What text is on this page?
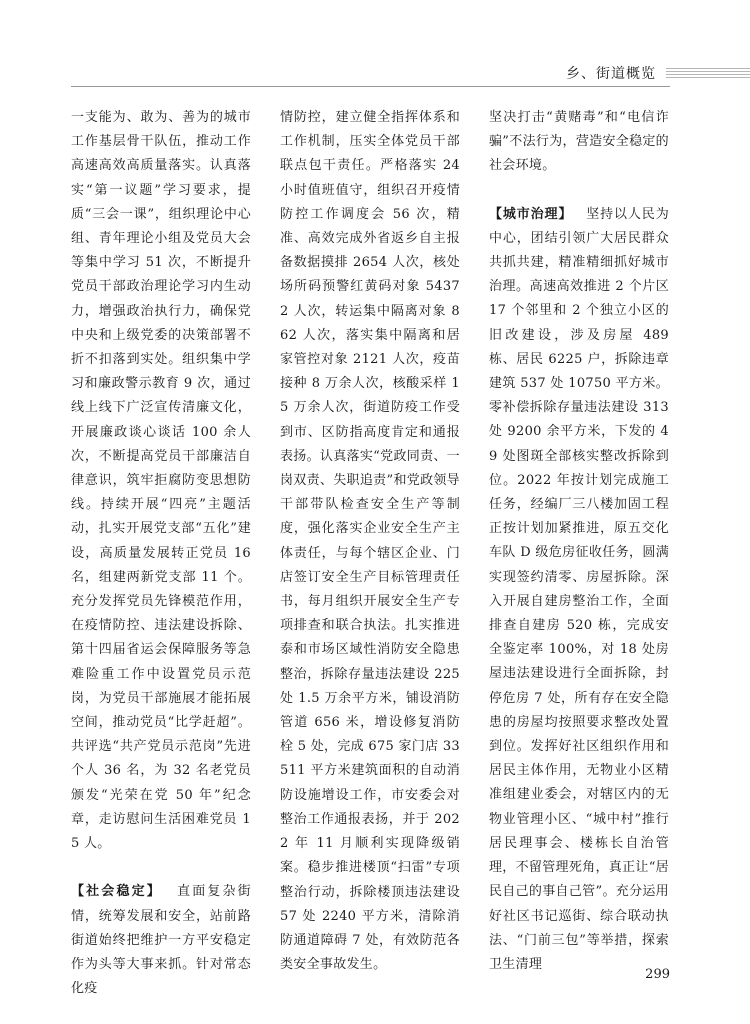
乡、街道概览

一支能为、敢为、善为的城市工作基层骨干队伍，推动工作高速高效高质量落实。认真落实“第一议题”学习要求，提质“三会一课”，组织理论中心组、青年理论小组及党员大会等集中学习 51 次，不断提升党员干部政治理论学习内生动力，增强政治执行力，确保党中央和上级党委的决策部署不折不扣落到实处。组织集中学习和廉政警示教育 9 次，通过线上线下广泛宣传清廉文化，开展廉政谈心谈话 100 余人次，不断提高党员干部廉洁自律意识，筑牢拒腐防变思想防线。持续开展“四亮”主题活动，扎实开展党支部“五化”建设，高质量发展转正党员 16 名，组建两新党支部 11 个。充分发挥党员先锋模范作用，在疫情防控、违法建设拆除、第十四届省运会保障服务等急难险重工作中设置党员示范岗，为党员干部施展才能拓展空间，推动党员“比学赶超”。共评选“共产党员示范岗”先进个人 36 名，为 32 名老党员颁发“光荣在党 50 年”纪念章，走访慰问生活困难党员 15 人。

【社会稳定】  直面复杂街情，统筹发展和安全，站前路街道始终把维护一方平安稳定作为头等大事来抓。针对常态化疫

情防控，建立健全指挥体系和工作机制，压实全体党员干部联点包干责任。严格落实 24 小时值班值守，组织召开疫情防控工作调度会 56 次，精准、高效完成外省返乡自主报备数据摸排 2654 人次，核处场所码预警红黄码对象 54372 人次，转运集中隔离对象 862 人次，落实集中隔离和居家管控对象 2121 人次，疫苗接种 8 万余人次，核酸采样 15 万余人次，街道防疫工作受到市、区防指高度肯定和通报表扬。认真落实“党政同责、一岗双责、失职追责”和党政领导干部带队检查安全生产等制度，强化落实企业安全生产主体责任，与每个辖区企业、门店签订安全生产目标管理责任书，每月组织开展安全生产专项排查和联合执法。扎实推进泰和市场区域性消防安全隐患整治，拆除存量违法建设 225 处 1.5 万余平方米，铺设消防管道 656 米，增设修复消防栓 5 处，完成 675 家门店 33511 平方米建筑面积的自动消防设施增设工作，市安委会对整治工作通报表扬，并于 2022 年 11 月顺利实现降级销案。稳步推进楼顶“扫雷”专项整治行动，拆除楼顶违法建设 57 处 2240 平方米，清除消防通道障碍 7 处，有效防范各类安全事故发生。

坚决打击“黄赌毒”和“电信诈骗”不法行为，营造安全稳定的社会环境。

【城市治理】  坚持以人民为中心，团结引领广大居民群众共抓共建，精准精细抓好城市治理。高速高效推进 2 个片区 17 个邻里和 2 个独立小区的旧改建设，涉及房屋 489 栋、居民 6225 户，拆除违章建筑 537 处 10750 平方米。零补偿拆除存量违法建设 313 处 9200 余平方米，下发的 49 处图斑全部核实整改拆除到位。2022 年按计划完成施工任务，经编厂三八楼加固工程正按计划加紧推进，原五交化车队 D 级危房征收任务，圆满实现签约清零、房屋拆除。深入开展自建房整治工作，全面排查自建房 520 栋，完成安全鉴定率 100%，对 18 处房屋违法建设进行全面拆除，封停危房 7 处，所有存在安全隐患的房屋均按照要求整改处置到位。发挥好社区组织作用和居民主体作用，无物业小区精准组建业委会，对辖区内的无物业管理小区、“城中村”推行居民理事会、楼栋长自治管理，不留管理死角，真正让“居民自己的事自己管”。充分运用好社区书记巡街、综合联动执法、“门前三包”等举措，探索卫生清理

299
